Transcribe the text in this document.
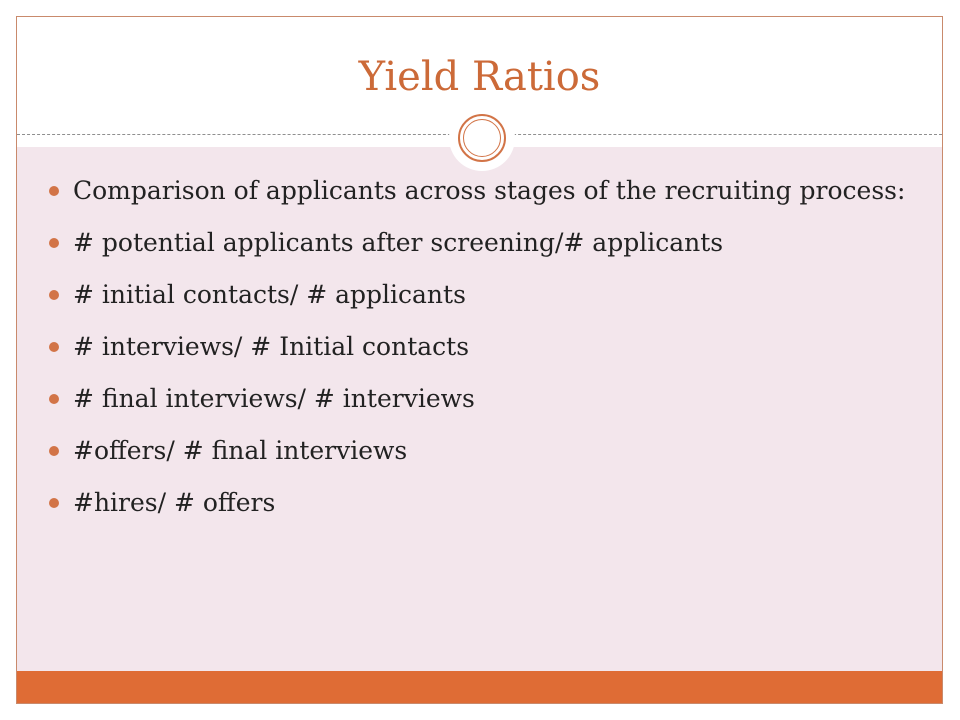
Yield Ratios
Comparison of applicants across stages of the recruiting process:
# potential applicants after screening/# applicants
# initial contacts/ # applicants
# interviews/ # Initial contacts
# final interviews/ # interviews
#offers/ # final interviews
#hires/ # offers
